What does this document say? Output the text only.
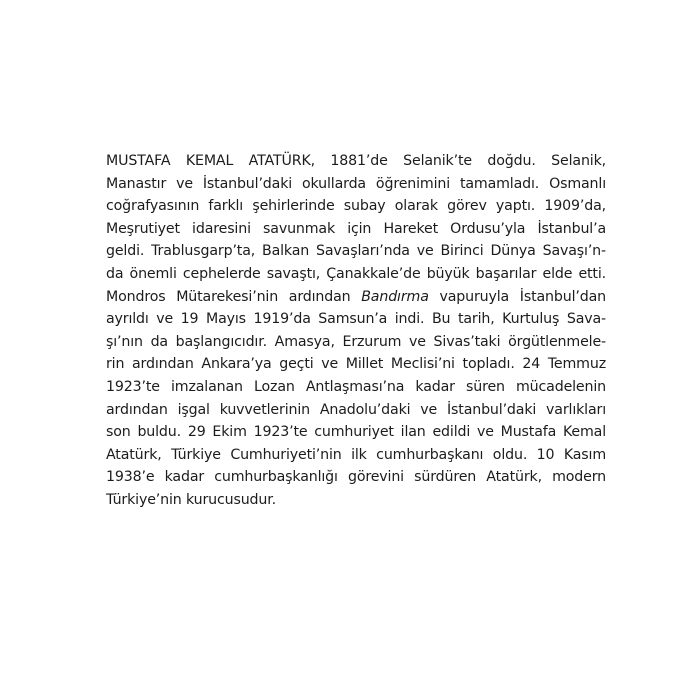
MUSTAFA KEMAL ATATÜRK, 1881’de Selanik’te doğdu. Selanik,
Manastır ve İstanbul’daki okullarda öğrenimini tamamladı. Osmanlı
coğrafyasının farklı şehirlerinde subay olarak görev yaptı. 1909’da,
Meşrutiyet idaresini savunmak için Hareket Ordusu’yla İstanbul’a
geldi. Trablusgarp’ta, Balkan Savaşları’nda ve Birinci Dünya Savaşı’n-
da önemli cephelerde savaştı, Çanakkale’de büyük başarılar elde etti.
Mondros Mütarekesi’nin ardından Bandırma vapuruyla İstanbul’dan
ayrıldı ve 19 Mayıs 1919’da Samsun’a indi. Bu tarih, Kurtuluş Sava-
şı’nın da başlangıcıdır. Amasya, Erzurum ve Sivas’taki örgütlenmele-
rin ardından Ankara’ya geçti ve Millet Meclisi’ni topladı. 24 Temmuz
1923’te imzalanan Lozan Antlaşması’na kadar süren mücadelenin
ardından işgal kuvvetlerinin Anadolu’daki ve İstanbul’daki varlıkları
son buldu. 29 Ekim 1923’te cumhuriyet ilan edildi ve Mustafa Kemal
Atatürk, Türkiye Cumhuriyeti’nin ilk cumhurbaşkanı oldu. 10 Kasım
1938’e kadar cumhurbaşkanlığı görevini sürdüren Atatürk, modern
Türkiye’nin kurucusudur.
